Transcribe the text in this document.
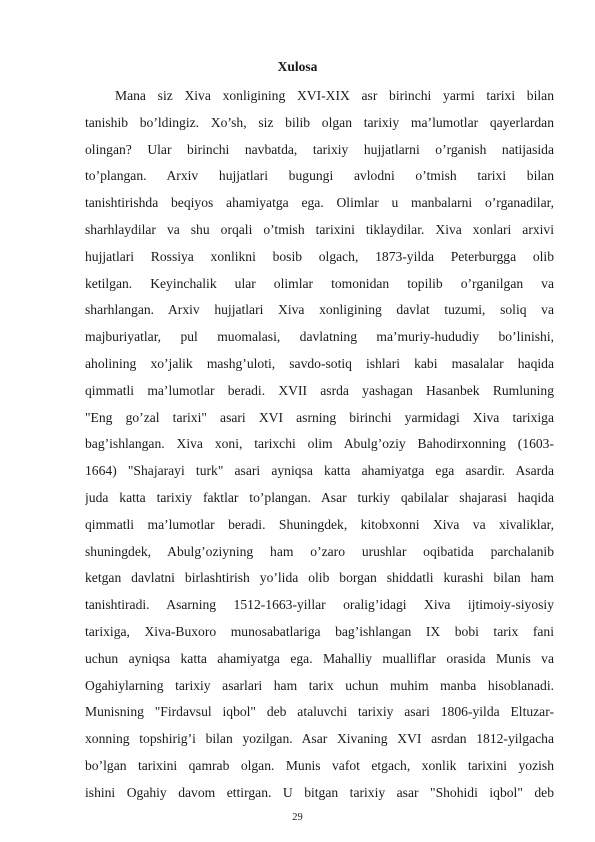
Xulosa
Mana siz Xiva xonligining XVI-XIX asr birinchi yarmi tarixi bilan
tanishib bo’ldingiz. Xo’sh, siz bilib olgan tarixiy ma’lumotlar qayerlardan
olingan? Ular birinchi navbatda, tarixiy hujjatlarni o’rganish natijasida
to’plangan. Arxiv hujjatlari bugungi avlodni o’tmish tarixi bilan
tanishtirishda beqiyos ahamiyatga ega. Olimlar u manbalarni o’rganadilar,
sharhlaydilar va shu orqali o’tmish tarixini tiklaydilar. Xiva xonlari arxivi
hujjatlari Rossiya xonlikni bosib olgach, 1873-yilda Peterburgga olib
ketilgan. Keyinchalik ular olimlar tomonidan topilib o’rganilgan va
sharhlangan. Arxiv hujjatlari Xiva xonligining davlat tuzumi, soliq va
majburiyatlar, pul muomalasi, davlatning ma’muriy-hududiy bo’linishi,
aholining xo’jalik mashg’uloti, savdo-sotiq ishlari kabi masalalar haqida
qimmatli ma’lumotlar beradi. XVII asrda yashagan Hasanbek Rumluning
"Eng go’zal tarixi" asari XVI asrning birinchi yarmidagi Xiva tarixiga
bag’ishlangan. Xiva xoni, tarixchi olim Abulg’oziy Bahodirxonning (1603-
1664) "Shajarayi turk" asari ayniqsa katta ahamiyatga ega asardir. Asarda
juda katta tarixiy faktlar to’plangan. Asar turkiy qabilalar shajarasi haqida
qimmatli ma’lumotlar beradi. Shuningdek, kitobxonni Xiva va xivaliklar,
shuningdek, Abulg’oziyning ham o’zaro urushlar oqibatida parchalanib
ketgan davlatni birlashtirish yo’lida olib borgan shiddatli kurashi bilan ham
tanishtiradi. Asarning 1512-1663-yillar oralig’idagi Xiva ijtimoiy-siyosiy
tarixiga, Xiva-Buxoro munosabatlariga bag’ishlangan IX bobi tarix fani
uchun ayniqsa katta ahamiyatga ega. Mahalliy mualliflar orasida Munis va
Ogahiylarning tarixiy asarlari ham tarix uchun muhim manba hisoblanadi.
Munisning "Firdavsul iqbol" deb ataluvchi tarixiy asari 1806-yilda Eltuzar-
xonning topshirig’i bilan yozilgan. Asar Xivaning XVI asrdan 1812-yilgacha
bo’lgan tarixini qamrab olgan. Munis vafot etgach, xonlik tarixini yozish
ishini Ogahiy davom ettirgan. U bitgan tarixiy asar "Shohidi iqbol" deb
29
